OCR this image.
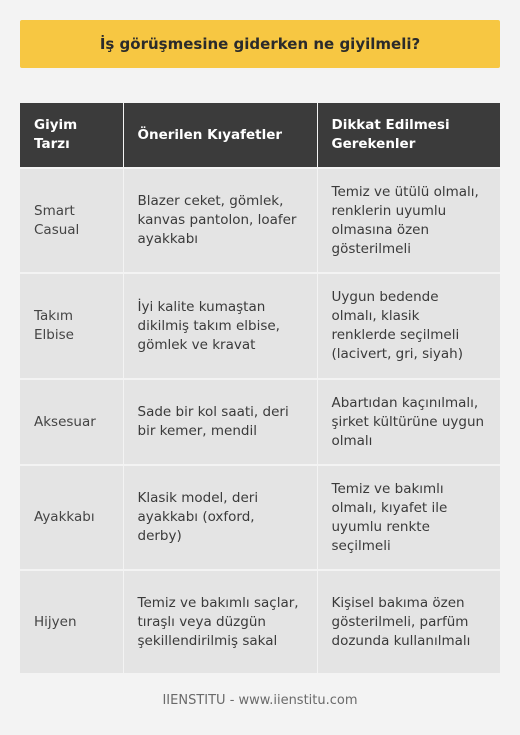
İş görüşmesine giderken ne giyilmeli?
Giyim Tarzı	Önerilen Kıyafetler	Dikkat Edilmesi Gerekenler
Smart Casual	Blazer ceket, gömlek, kanvas pantolon, loafer ayakkabı	Temiz ve ütülü olmalı, renklerin uyumlu olmasına özen gösterilmeli
Takım Elbise	İyi kalite kumaştan dikilmiş takım elbise, gömlek ve kravat	Uygun bedende olmalı, klasik renklerde seçilmeli (lacivert, gri, siyah)
Aksesuar	Sade bir kol saati, deri bir kemer, mendil	Abartıdan kaçınılmalı, şirket kültürüne uygun olmalı
Ayakkabı	Klasik model, deri ayakkabı (oxford, derby)	Temiz ve bakımlı olmalı, kıyafet ile uyumlu renkte seçilmeli
Hijyen	Temiz ve bakımlı saçlar, tıraşlı veya düzgün şekillendirilmiş sakal	Kişisel bakıma özen gösterilmeli, parfüm dozunda kullanılmalı
IIENSTITU - www.iienstitu.com
